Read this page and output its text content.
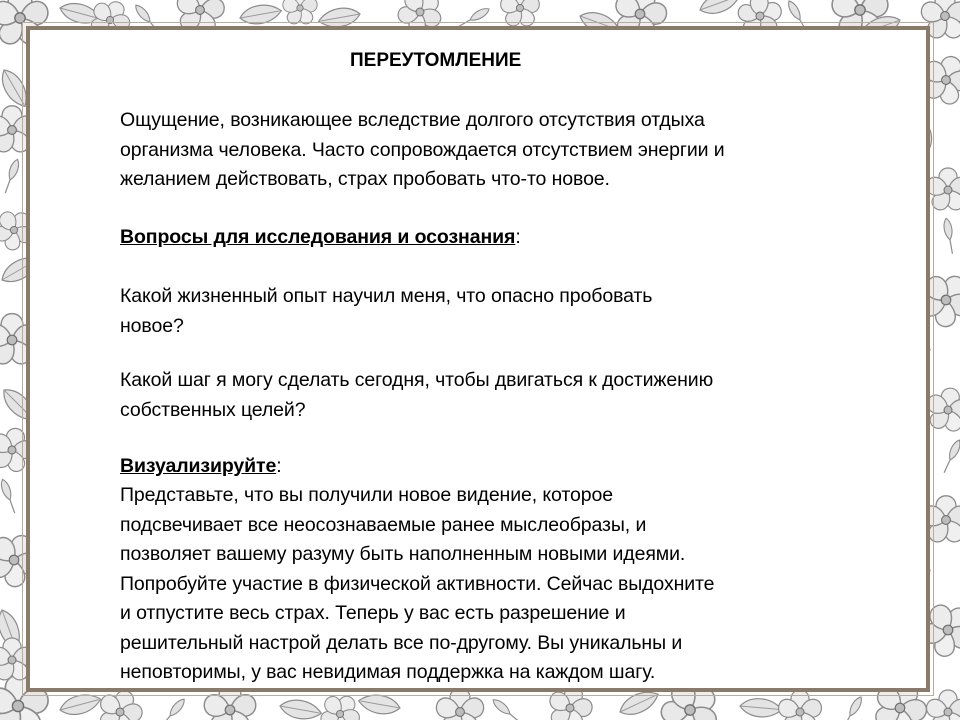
ПЕРЕУТОМЛЕНИЕ
Ощущение, возникающее вследствие долгого отсутствия отдыха
организма человека. Часто сопровождается отсутствием энергии и
желанием действовать, страх пробовать что-то новое.
Вопросы для исследования и осознания:
Какой жизненный опыт научил меня, что опасно пробовать
новое?
Какой шаг я могу сделать сегодня, чтобы двигаться к достижению
собственных целей?
Визуализируйте:
Представьте, что вы получили новое видение, которое
подсвечивает все неосознаваемые ранее мыслеобразы, и
позволяет вашему разуму быть наполненным новыми идеями.
Попробуйте участие в физической активности. Сейчас выдохните
и отпустите весь страх. Теперь у вас есть разрешение и
решительный настрой делать все по-другому. Вы уникальны и
неповторимы, у вас невидимая поддержка на каждом шагу.
